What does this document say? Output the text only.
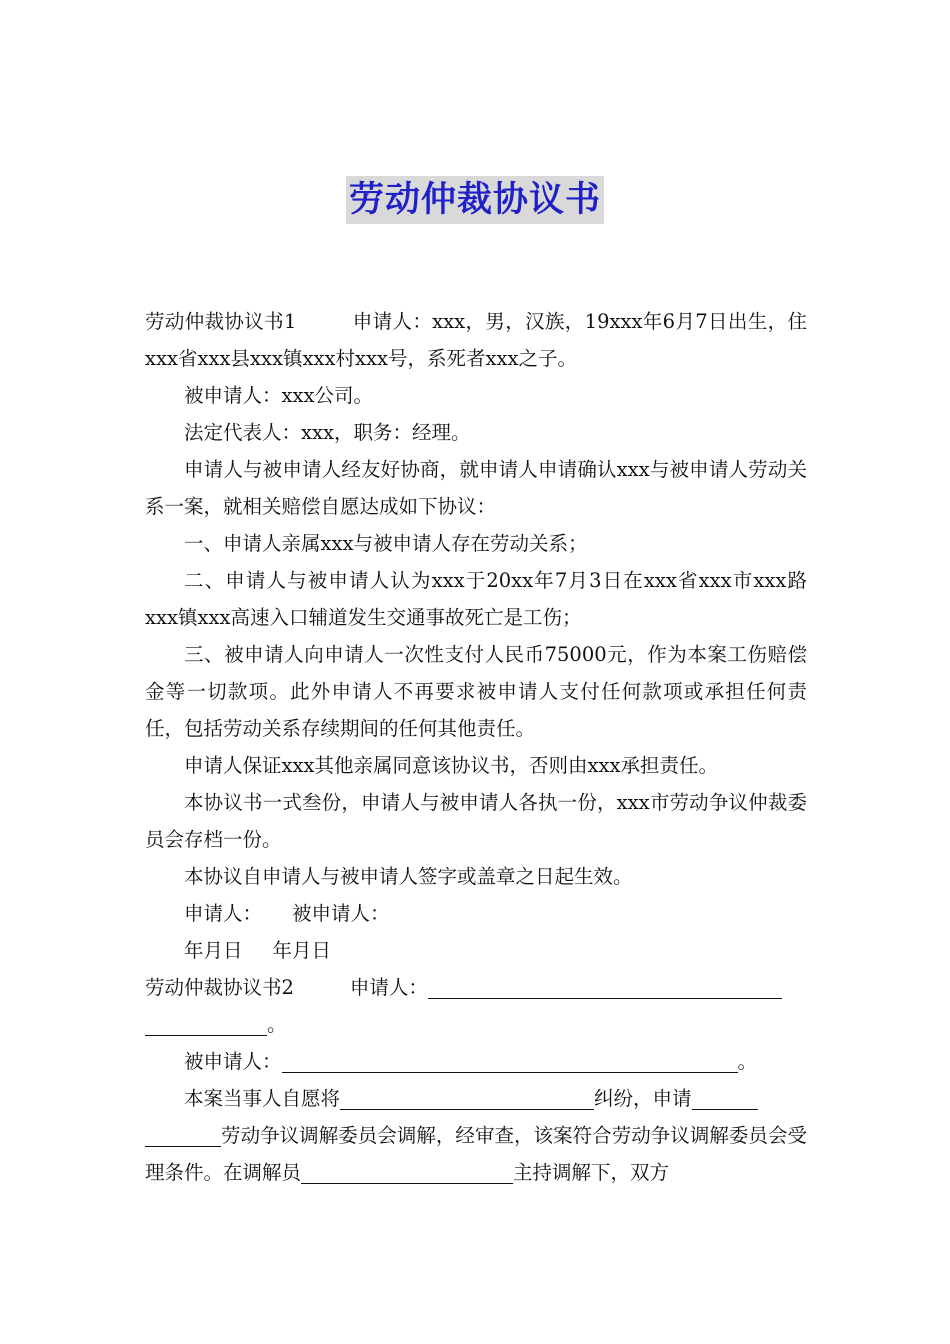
劳动仲裁协议书

劳动仲裁协议书1	申请人：xxx，男，汉族，19xxx年6月7日出生，住xxx省xxx县xxx镇xxx村xxx号，系死者xxx之子。

被申请人：xxx公司。

法定代表人：xxx，职务：经理。

申请人与被申请人经友好协商，就申请人申请确认xxx与被申请人劳动关系一案，就相关赔偿自愿达成如下协议：

一、申请人亲属xxx与被申请人存在劳动关系；

二、申请人与被申请人认为xxx于20xx年7月3日在xxx省xxx市xxx路xxx镇xxx高速入口辅道发生交通事故死亡是工伤；

三、被申请人向申请人一次性支付人民币75000元，作为本案工伤赔偿金等一切款项。此外申请人不再要求被申请人支付任何款项或承担任何责任，包括劳动关系存续期间的任何其他责任。

申请人保证xxx其他亲属同意该协议书，否则由xxx承担责任。

本协议书一式叁份，申请人与被申请人各执一份，xxx市劳动争议仲裁委员会存档一份。

本协议自申请人与被申请人签字或盖章之日起生效。

申请人： 被申请人：

年月日 年月日

劳动仲裁协议书2	申请人：
。

被申请人：	。

本案当事人自愿将	纠纷，申请
劳动争议调解委员会调解，经审查，该案符合劳动争议调解委员会受理条件。在调解员	主持调解下，双方
